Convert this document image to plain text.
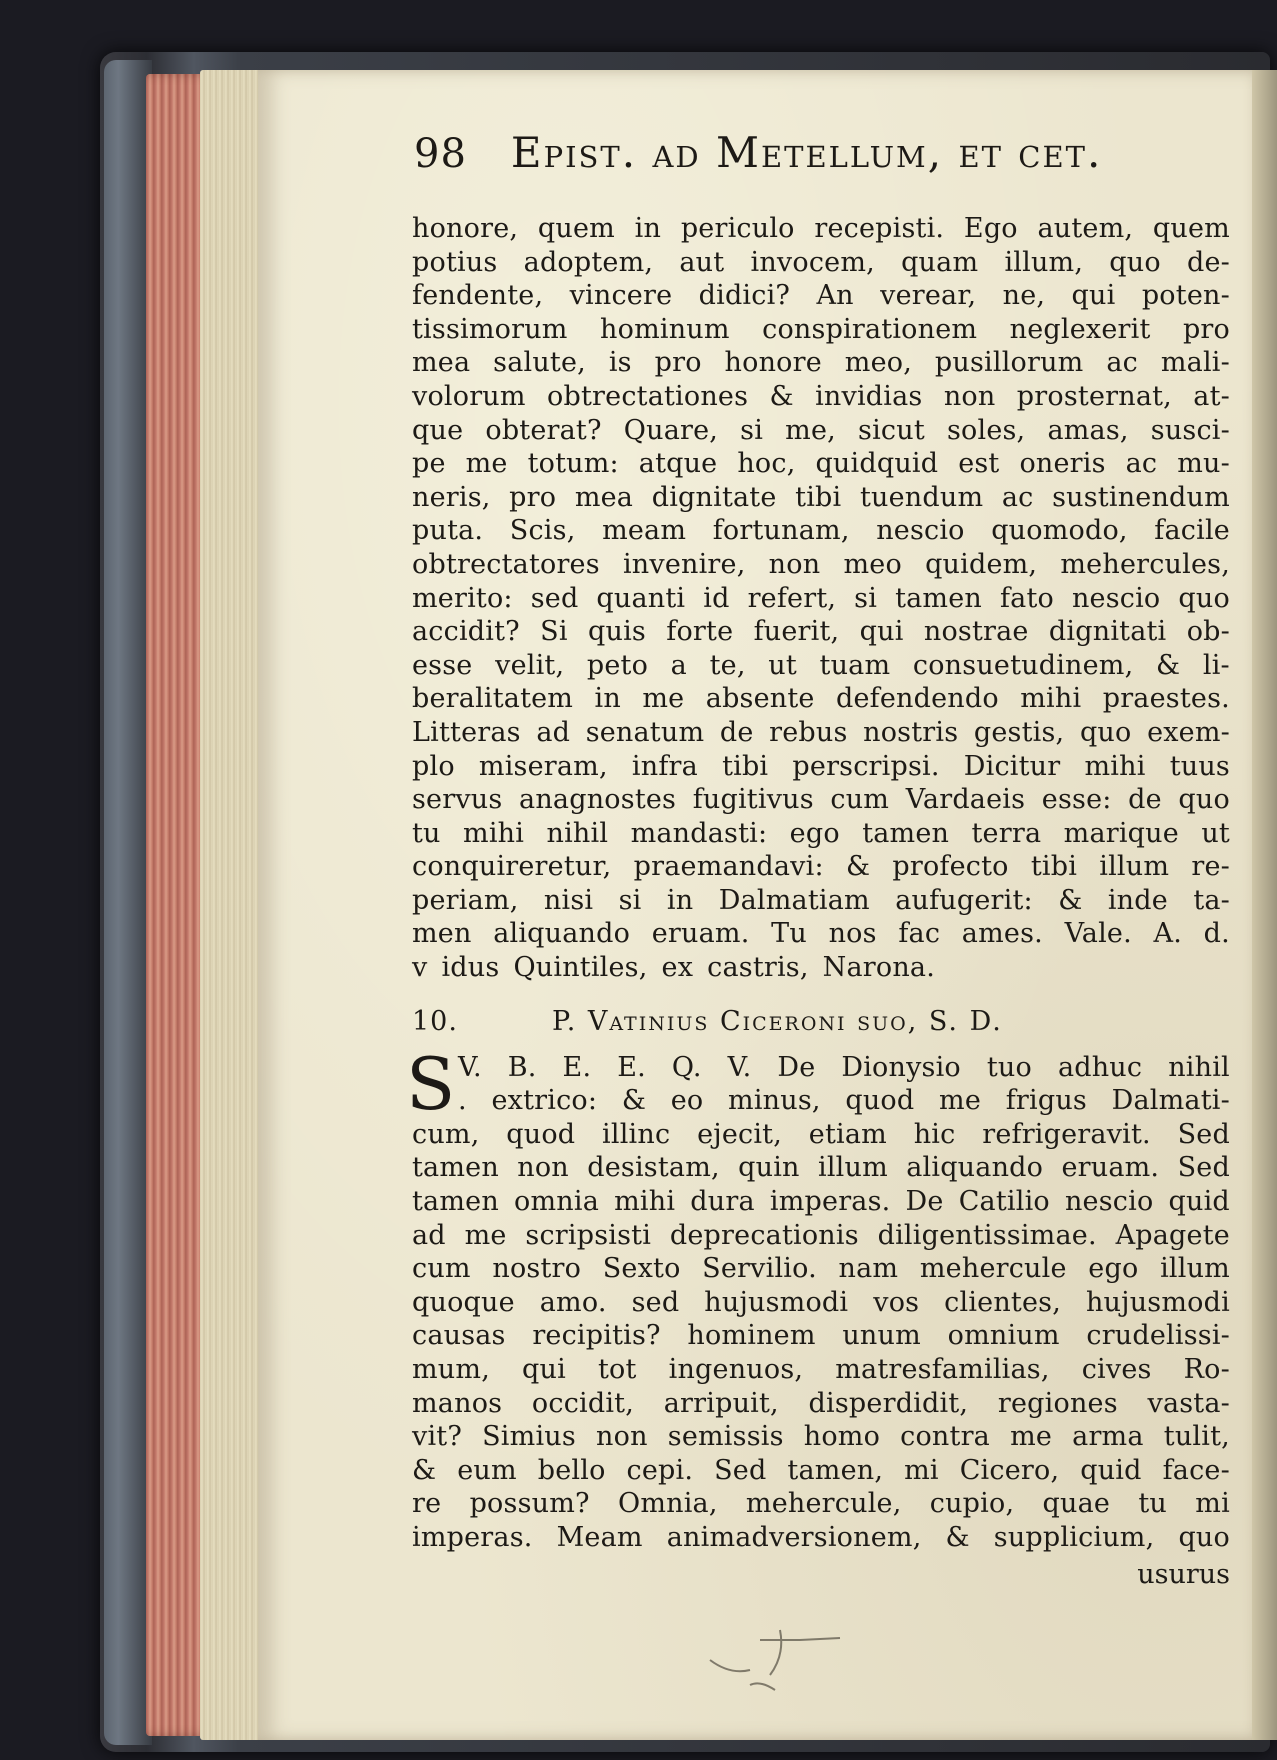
98 Epist. ad Metellum, et cet.
honore, quem in periculo recepisti. Ego autem, quem
potius adoptem, aut invocem, quam illum, quo de-
fendente, vincere didici? An verear, ne, qui poten-
tissimorum hominum conspirationem neglexerit pro
mea salute, is pro honore meo, pusillorum ac mali-
volorum obtrectationes & invidias non prosternat, at-
que obterat? Quare, si me, sicut soles, amas, susci-
pe me totum: atque hoc, quidquid est oneris ac mu-
neris, pro mea dignitate tibi tuendum ac sustinendum
puta. Scis, meam fortunam, nescio quomodo, facile
obtrectatores invenire, non meo quidem, mehercules,
merito: sed quanti id refert, si tamen fato nescio quo
accidit? Si quis forte fuerit, qui nostrae dignitati ob-
esse velit, peto a te, ut tuam consuetudinem, & li-
beralitatem in me absente defendendo mihi praestes.
Litteras ad senatum de rebus nostris gestis, quo exem-
plo miseram, infra tibi perscripsi. Dicitur mihi tuus
servus anagnostes fugitivus cum Vardaeis esse: de quo
tu mihi nihil mandasti: ego tamen terra marique ut
conquireretur, praemandavi: & profecto tibi illum re-
periam, nisi si in Dalmatiam aufugerit: & inde ta-
men aliquando eruam. Tu nos fac ames. Vale. A. d.
v idus Quintiles, ex castris, Narona.
10.	P. Vatinius Ciceroni suo, S. D.
S V. B. E. E. Q. V. De Dionysio tuo adhuc nihil
. extrico: & eo minus, quod me frigus Dalmati-
cum, quod illinc ejecit, etiam hic refrigeravit. Sed
tamen non desistam, quin illum aliquando eruam. Sed
tamen omnia mihi dura imperas. De Catilio nescio quid
ad me scripsisti deprecationis diligentissimae. Apagete
cum nostro Sexto Servilio. nam mehercule ego illum
quoque amo. sed hujusmodi vos clientes, hujusmodi
causas recipitis? hominem unum omnium crudelissi-
mum, qui tot ingenuos, matresfamilias, cives Ro-
manos occidit, arripuit, disperdidit, regiones vasta-
vit? Simius non semissis homo contra me arma tulit,
& eum bello cepi. Sed tamen, mi Cicero, quid face-
re possum? Omnia, mehercule, cupio, quae tu mi
imperas. Meam animadversionem, & supplicium, quo
usurus
